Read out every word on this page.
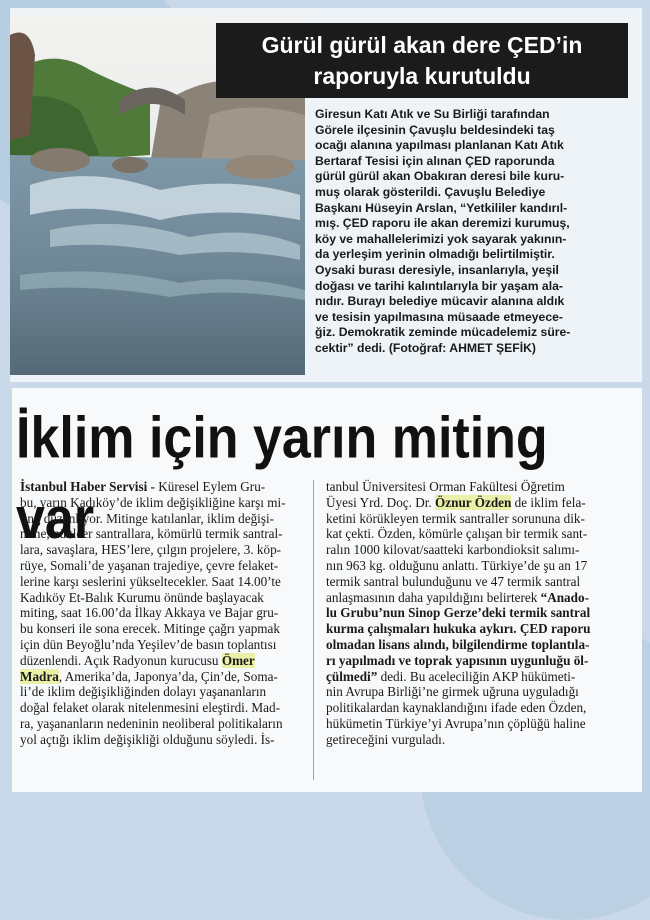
Gürül gürül akan dere ÇED’in
raporuyla kurutuldu
Giresun Katı Atık ve Su Birliği tarafından
Görele ilçesinin Çavuşlu beldesindeki taş
ocağı alanına yapılması planlanan Katı Atık
Bertaraf Tesisi için alınan ÇED raporunda
gürül gürül akan Obakıran deresi bile kuru-
muş olarak gösterildi. Çavuşlu Belediye
Başkanı Hüseyin Arslan, “Yetkililer kandırıl-
mış. ÇED raporu ile akan deremizi kurumuş,
köy ve mahallelerimizi yok sayarak yakının-
da yerleşim yerinin olmadığı belirtilmiştir.
Oysaki burası deresiyle, insanlarıyla, yeşil
doğası ve tarihi kalıntılarıyla bir yaşam ala-
nıdır. Burayı belediye mücavir alanına aldık
ve tesisin yapılmasına müsaade etmeyece-
ğiz. Demokratik zeminde mücadelemiz süre-
cektir” dedi. (Fotoğraf: AHMET ŞEFİK)
İklim için yarın miting var
İstanbul Haber Servisi - Küresel Eylem Gru-
bu, yarın Kadıköy’de iklim değişikliğine karşı mi-
ting düzenliyor. Mitinge katılanlar, iklim değişi-
mine, nükleer santrallara, kömürlü termik santral-
lara, savaşlara, HES’lere, çılgın projelere, 3. köp-
rüye, Somali’de yaşanan trajediye, çevre felaket-
lerine karşı seslerini yükseltecekler. Saat 14.00’te
Kadıköy Et-Balık Kurumu önünde başlayacak
miting, saat 16.00’da İlkay Akkaya ve Bajar gru-
bu konseri ile sona erecek. Mitinge çağrı yapmak
için dün Beyoğlu’nda Yeşilev’de basın toplantısı
düzenlendi. Açık Radyonun kurucusu Ömer
Madra, Amerika’da, Japonya’da, Çin’de, Soma-
li’de iklim değişikliğinden dolayı yaşananların
doğal felaket olarak nitelenmesini eleştirdi. Mad-
ra, yaşananların nedeninin neoliberal politikaların
yol açtığı iklim değişikliği olduğunu söyledi. İs-
tanbul Üniversitesi Orman Fakültesi Öğretim
Üyesi Yrd. Doç. Dr. Öznur Özden de iklim fela-
ketini körükleyen termik santraller sorununa dik-
kat çekti. Özden, kömürle çalışan bir termik sant-
ralın 1000 kilovat/saatteki karbondioksit salımı-
nın 963 kg. olduğunu anlattı. Türkiye’de şu an 17
termik santral bulunduğunu ve 47 termik santral
anlaşmasının daha yapıldığını belirterek “Anado-
lu Grubu’nun Sinop Gerze’deki termik santral
kurma çalışmaları hukuka aykırı. ÇED raporu
olmadan lisans alındı, bilgilendirme toplantıla-
rı yapılmadı ve toprak yapısının uygunluğu öl-
çülmedi” dedi. Bu aceleciliğin AKP hükümeti-
nin Avrupa Birliği’ne girmek uğruna uyguladığı
politikalardan kaynaklandığını ifade eden Özden,
hükümetin Türkiye’yi Avrupa’nın çöplüğü haline
getireceğini vurguladı.
